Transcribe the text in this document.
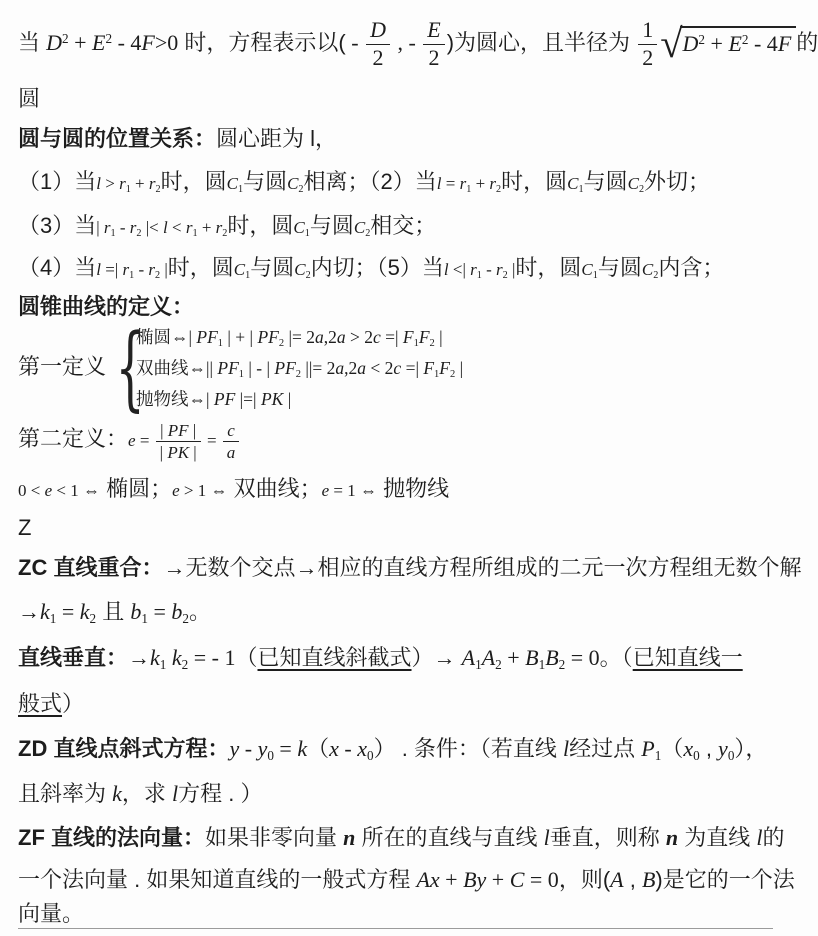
当 $D^2 + E^2 - 4F>0$ 时，方程表示以( - $\frac{D}{2}$ , - $\frac{E}{2}$ )为圆心，且半径为 $\frac{1}{2}$ √ $D^2 + E^2 - 4F$ 的
圆
圆与圆的位置关系：圆心距为 l，
（1）当l > r1 + r2时，圆C1与圆C2相离；（2）当l = r1 + r2时，圆C1与圆C2外切；
（3）当| r1 - r2 |< l < r1 + r2时，圆C1与圆C2相交；
（4）当l =| r1 - r2 |时，圆C1与圆C2内切；（5）当l <| r1 - r2 |时，圆C1与圆C2内含；
圆锥曲线的定义：
第一定义 {
椭圆⇔| PF1 | + | PF2 |= 2a,2a > 2c =| F1F2 |
双曲线⇔|| PF1 | - | PF2 ||= 2a,2a < 2c =| F1F2 |
抛物线⇔| PF |=| PK |
第二定义：$e = \frac{| PF |}{| PK |} = \frac{c}{a}$
0 < e < 1 ⇔ 椭圆；e > 1 ⇔ 双曲线；e = 1 ⇔ 抛物线
Z
ZC 直线重合：→无数个交点→相应的直线方程所组成的二元一次方程组无数个解
→k1 = k2 且 b1 = b2。
直线垂直：→k1 k2 = - 1（已知直线斜截式）→ A1A2 + B1B2 = 0。（已知直线一
般式）
ZD 直线点斜式方程：y - y0 = k（x - x0） . 条件：（若直线 l经过点 P1（x0 , y0），
且斜率为 k，求 l方程 . ）
ZF 直线的法向量：如果非零向量 n 所在的直线与直线 l垂直，则称 n 为直线 l的
一个法向量 . 如果知道直线的一般式方程 Ax + By + C = 0，则(A , B)是它的一个法
向量。
